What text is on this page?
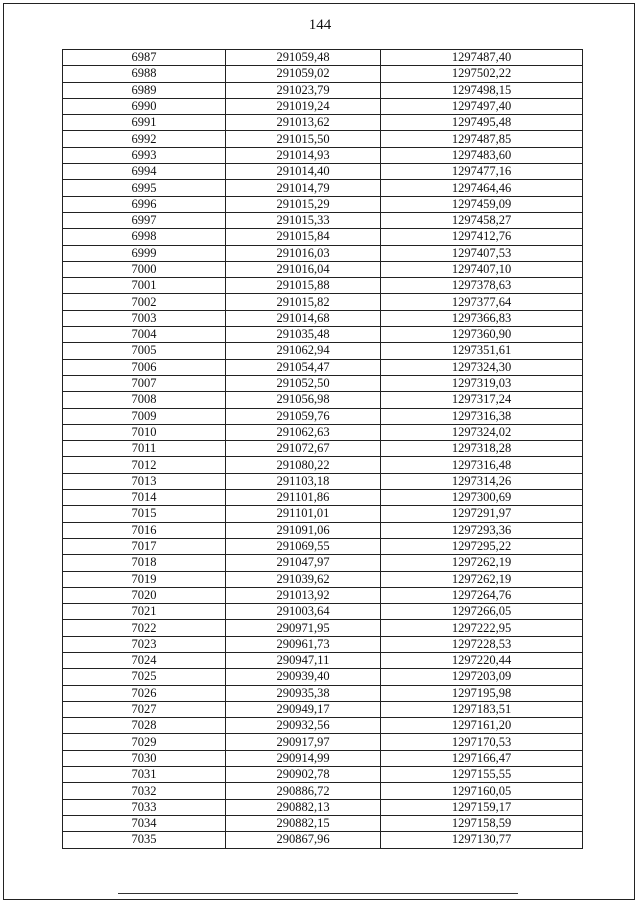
144
6987	291059,48	1297487,40
6988	291059,02	1297502,22
6989	291023,79	1297498,15
6990	291019,24	1297497,40
6991	291013,62	1297495,48
6992	291015,50	1297487,85
6993	291014,93	1297483,60
6994	291014,40	1297477,16
6995	291014,79	1297464,46
6996	291015,29	1297459,09
6997	291015,33	1297458,27
6998	291015,84	1297412,76
6999	291016,03	1297407,53
7000	291016,04	1297407,10
7001	291015,88	1297378,63
7002	291015,82	1297377,64
7003	291014,68	1297366,83
7004	291035,48	1297360,90
7005	291062,94	1297351,61
7006	291054,47	1297324,30
7007	291052,50	1297319,03
7008	291056,98	1297317,24
7009	291059,76	1297316,38
7010	291062,63	1297324,02
7011	291072,67	1297318,28
7012	291080,22	1297316,48
7013	291103,18	1297314,26
7014	291101,86	1297300,69
7015	291101,01	1297291,97
7016	291091,06	1297293,36
7017	291069,55	1297295,22
7018	291047,97	1297262,19
7019	291039,62	1297262,19
7020	291013,92	1297264,76
7021	291003,64	1297266,05
7022	290971,95	1297222,95
7023	290961,73	1297228,53
7024	290947,11	1297220,44
7025	290939,40	1297203,09
7026	290935,38	1297195,98
7027	290949,17	1297183,51
7028	290932,56	1297161,20
7029	290917,97	1297170,53
7030	290914,99	1297166,47
7031	290902,78	1297155,55
7032	290886,72	1297160,05
7033	290882,13	1297159,17
7034	290882,15	1297158,59
7035	290867,96	1297130,77
